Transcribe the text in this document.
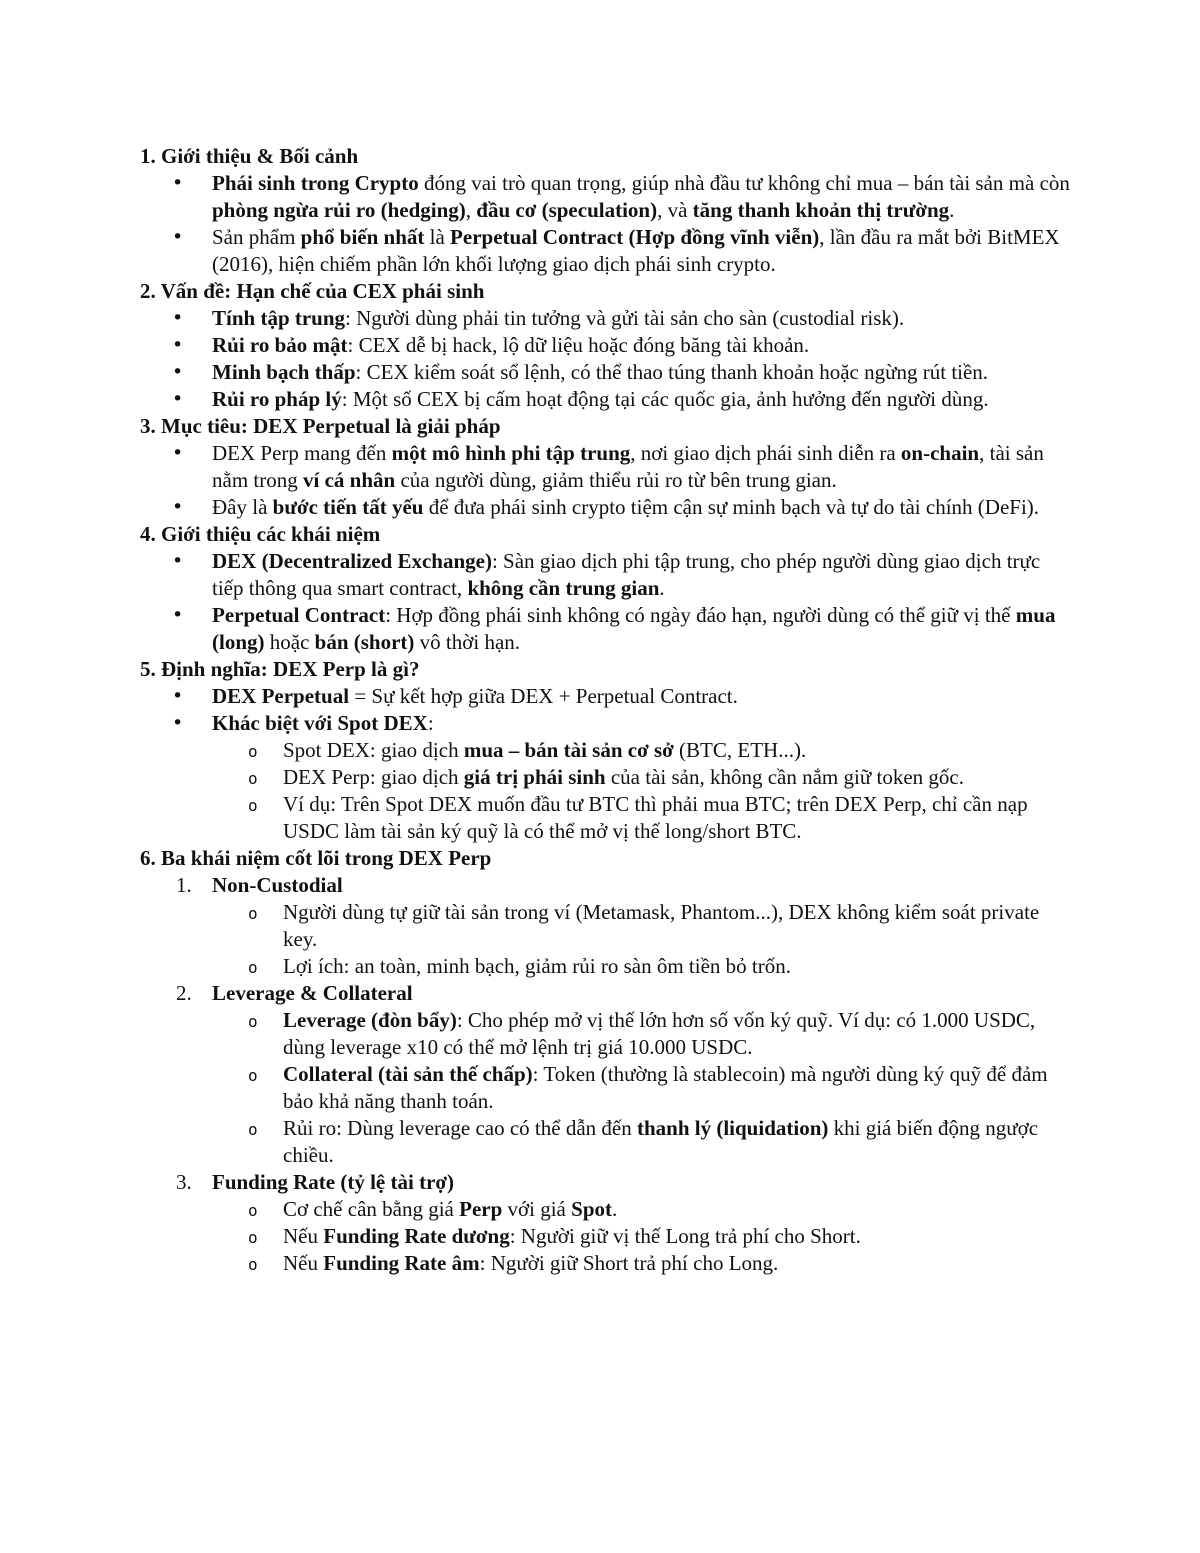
1. Giới thiệu & Bối cảnh

• Phái sinh trong Crypto đóng vai trò quan trọng, giúp nhà đầu tư không chỉ mua – bán tài sản mà còn phòng ngừa rủi ro (hedging), đầu cơ (speculation), và tăng thanh khoản thị trường.
• Sản phẩm phổ biến nhất là Perpetual Contract (Hợp đồng vĩnh viễn), lần đầu ra mắt bởi BitMEX (2016), hiện chiếm phần lớn khối lượng giao dịch phái sinh crypto.

2. Vấn đề: Hạn chế của CEX phái sinh

• Tính tập trung: Người dùng phải tin tưởng và gửi tài sản cho sàn (custodial risk).
• Rủi ro bảo mật: CEX dễ bị hack, lộ dữ liệu hoặc đóng băng tài khoản.
• Minh bạch thấp: CEX kiểm soát sổ lệnh, có thể thao túng thanh khoản hoặc ngừng rút tiền.
• Rủi ro pháp lý: Một số CEX bị cấm hoạt động tại các quốc gia, ảnh hưởng đến người dùng.

3. Mục tiêu: DEX Perpetual là giải pháp

• DEX Perp mang đến một mô hình phi tập trung, nơi giao dịch phái sinh diễn ra on-chain, tài sản nằm trong ví cá nhân của người dùng, giảm thiểu rủi ro từ bên trung gian.
• Đây là bước tiến tất yếu để đưa phái sinh crypto tiệm cận sự minh bạch và tự do tài chính (DeFi).

4. Giới thiệu các khái niệm

• DEX (Decentralized Exchange): Sàn giao dịch phi tập trung, cho phép người dùng giao dịch trực tiếp thông qua smart contract, không cần trung gian.
• Perpetual Contract: Hợp đồng phái sinh không có ngày đáo hạn, người dùng có thể giữ vị thế mua (long) hoặc bán (short) vô thời hạn.

5. Định nghĩa: DEX Perp là gì?

• DEX Perpetual = Sự kết hợp giữa DEX + Perpetual Contract.
• Khác biệt với Spot DEX:
o Spot DEX: giao dịch mua – bán tài sản cơ sở (BTC, ETH...).
o DEX Perp: giao dịch giá trị phái sinh của tài sản, không cần nắm giữ token gốc.
o Ví dụ: Trên Spot DEX muốn đầu tư BTC thì phải mua BTC; trên DEX Perp, chỉ cần nạp USDC làm tài sản ký quỹ là có thể mở vị thế long/short BTC.

6. Ba khái niệm cốt lõi trong DEX Perp

1. Non-Custodial
o Người dùng tự giữ tài sản trong ví (Metamask, Phantom...), DEX không kiểm soát private key.
o Lợi ích: an toàn, minh bạch, giảm rủi ro sàn ôm tiền bỏ trốn.
2. Leverage & Collateral
o Leverage (đòn bẩy): Cho phép mở vị thế lớn hơn số vốn ký quỹ. Ví dụ: có 1.000 USDC, dùng leverage x10 có thể mở lệnh trị giá 10.000 USDC.
o Collateral (tài sản thế chấp): Token (thường là stablecoin) mà người dùng ký quỹ để đảm bảo khả năng thanh toán.
o Rủi ro: Dùng leverage cao có thể dẫn đến thanh lý (liquidation) khi giá biến động ngược chiều.
3. Funding Rate (tỷ lệ tài trợ)
o Cơ chế cân bằng giá Perp với giá Spot.
o Nếu Funding Rate dương: Người giữ vị thế Long trả phí cho Short.
o Nếu Funding Rate âm: Người giữ Short trả phí cho Long.
